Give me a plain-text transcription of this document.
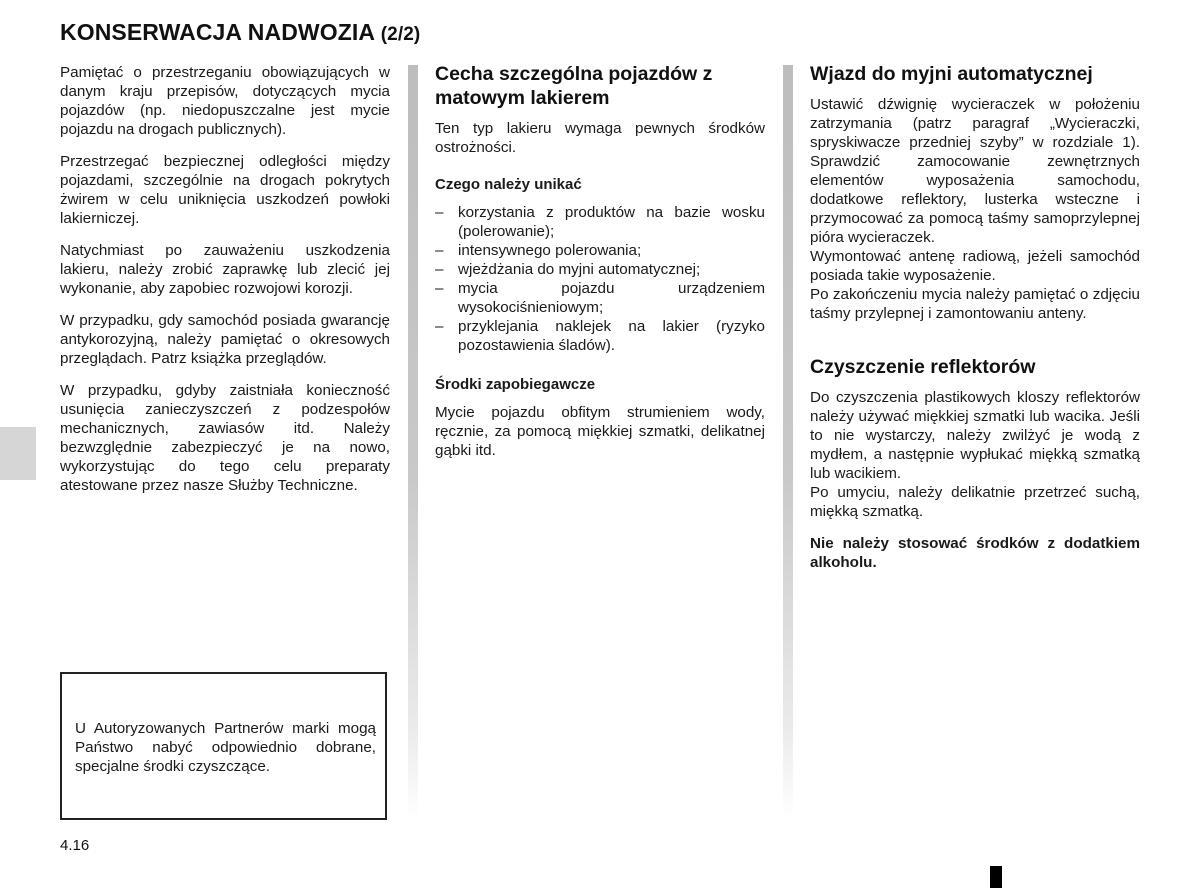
KONSERWACJA NADWOZIA (2/2)

Pamiętać o przestrzeganiu obowiązujących w danym kraju przepisów, dotyczących mycia pojazdów (np. niedopuszczalne jest mycie pojazdu na drogach publicznych).

Przestrzegać bezpiecznej odległości między pojazdami, szczególnie na drogach pokrytych żwirem w celu uniknięcia uszkodzeń powłoki lakierniczej.

Natychmiast po zauważeniu uszkodzenia lakieru, należy zrobić zaprawkę lub zlecić jej wykonanie, aby zapobiec rozwojowi korozji.

W przypadku, gdy samochód posiada gwarancję antykorozyjną, należy pamiętać o okresowych przeglądach. Patrz książka przeglądów.

W przypadku, gdyby zaistniała konieczność usunięcia zanieczyszczeń z podzespołów mechanicznych, zawiasów itd. Należy bezwzględnie zabezpieczyć je na nowo, wykorzystując do tego celu preparaty atestowane przez nasze Służby Techniczne.

U Autoryzowanych Partnerów marki mogą Państwo nabyć odpowiednio dobrane, specjalne środki czyszczące.

Cecha szczególna pojazdów z matowym lakierem

Ten typ lakieru wymaga pewnych środków ostrożności.

Czego należy unikać
– korzystania z produktów na bazie wosku (polerowanie);
– intensywnego polerowania;
– wjeżdżania do myjni automatycznej;
– mycia pojazdu urządzeniem wysokociśnieniowym;
– przyklejania naklejek na lakier (ryzyko pozostawienia śladów).
Środki zapobiegawcze

Mycie pojazdu obfitym strumieniem wody, ręcznie, za pomocą miękkiej szmatki, delikatnej gąbki itd.

Wjazd do myjni automatycznej

Ustawić dźwignię wycieraczek w położeniu zatrzymania (patrz paragraf „Wycieraczki, spryskiwacze przedniej szyby” w rozdziale 1). Sprawdzić zamocowanie zewnętrznych elementów wyposażenia samochodu, dodatkowe reflektory, lusterka wsteczne i przymocować za pomocą taśmy samoprzylepnej pióra wycieraczek.

Wymontować antenę radiową, jeżeli samochód posiada takie wyposażenie.

Po zakończeniu mycia należy pamiętać o zdjęciu taśmy przylepnej i zamontowaniu anteny.

Czyszczenie reflektorów

Do czyszczenia plastikowych kloszy reflektorów należy używać miękkiej szmatki lub wacika. Jeśli to nie wystarczy, należy zwilżyć je wodą z mydłem, a następnie wypłukać miękką szmatką lub wacikiem.

Po umyciu, należy delikatnie przetrzeć suchą, miękką szmatką.

Nie należy stosować środków z dodatkiem alkoholu.

4.16
